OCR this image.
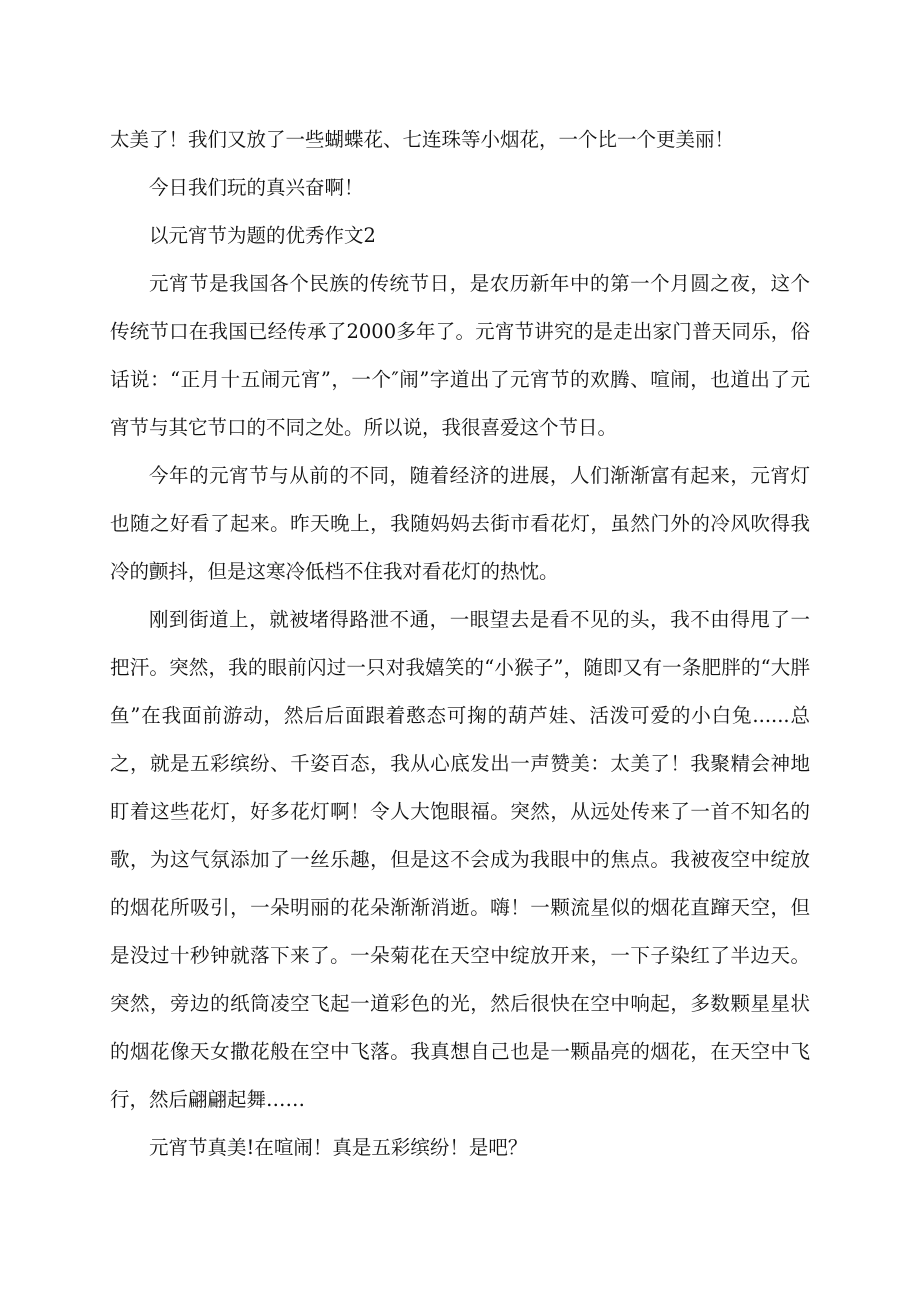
太美了！我们又放了一些蝴蝶花、七连珠等小烟花，一个比一个更美丽！

今日我们玩的真兴奋啊！

以元宵节为题的优秀作文2

元宵节是我国各个民族的传统节日，是农历新年中的第一个月圆之夜，这个传统节口在我国已经传承了2000多年了。元宵节讲究的是走出家门普天同乐，俗话说：“正月十五闹元宵”，一个″闹”字道出了元宵节的欢腾、喧闹，也道出了元宵节与其它节口的不同之处。所以说，我很喜爱这个节日。

今年的元宵节与从前的不同，随着经济的进展，人们渐渐富有起来，元宵灯也随之好看了起来。昨天晚上，我随妈妈去街市看花灯，虽然门外的冷风吹得我冷的颤抖，但是这寒冷低档不住我对看花灯的热忱。

刚到街道上，就被堵得路泄不通，一眼望去是看不见的头，我不由得甩了一把汗。突然，我的眼前闪过一只对我嬉笑的“小猴子”，随即又有一条肥胖的“大胖鱼”在我面前游动，然后后面跟着憨态可掬的葫芦娃、活泼可爱的小白兔......总之，就是五彩缤纷、千姿百态，我从心底发出一声赞美：太美了！我聚精会神地盯着这些花灯，好多花灯啊！令人大饱眼福。突然，从远处传来了一首不知名的歌，为这气氛添加了一丝乐趣，但是这不会成为我眼中的焦点。我被夜空中绽放的烟花所吸引，一朵明丽的花朵渐渐消逝。嗨！一颗流星似的烟花直蹿天空，但是没过十秒钟就落下来了。一朵菊花在天空中绽放开来，一下子染红了半边天。突然，旁边的纸筒凌空飞起一道彩色的光，然后很快在空中响起，多数颗星星状的烟花像天女撒花般在空中飞落。我真想自己也是一颗晶亮的烟花，在天空中飞行，然后翩翩起舞……

元宵节真美!在喧闹！真是五彩缤纷！是吧？
